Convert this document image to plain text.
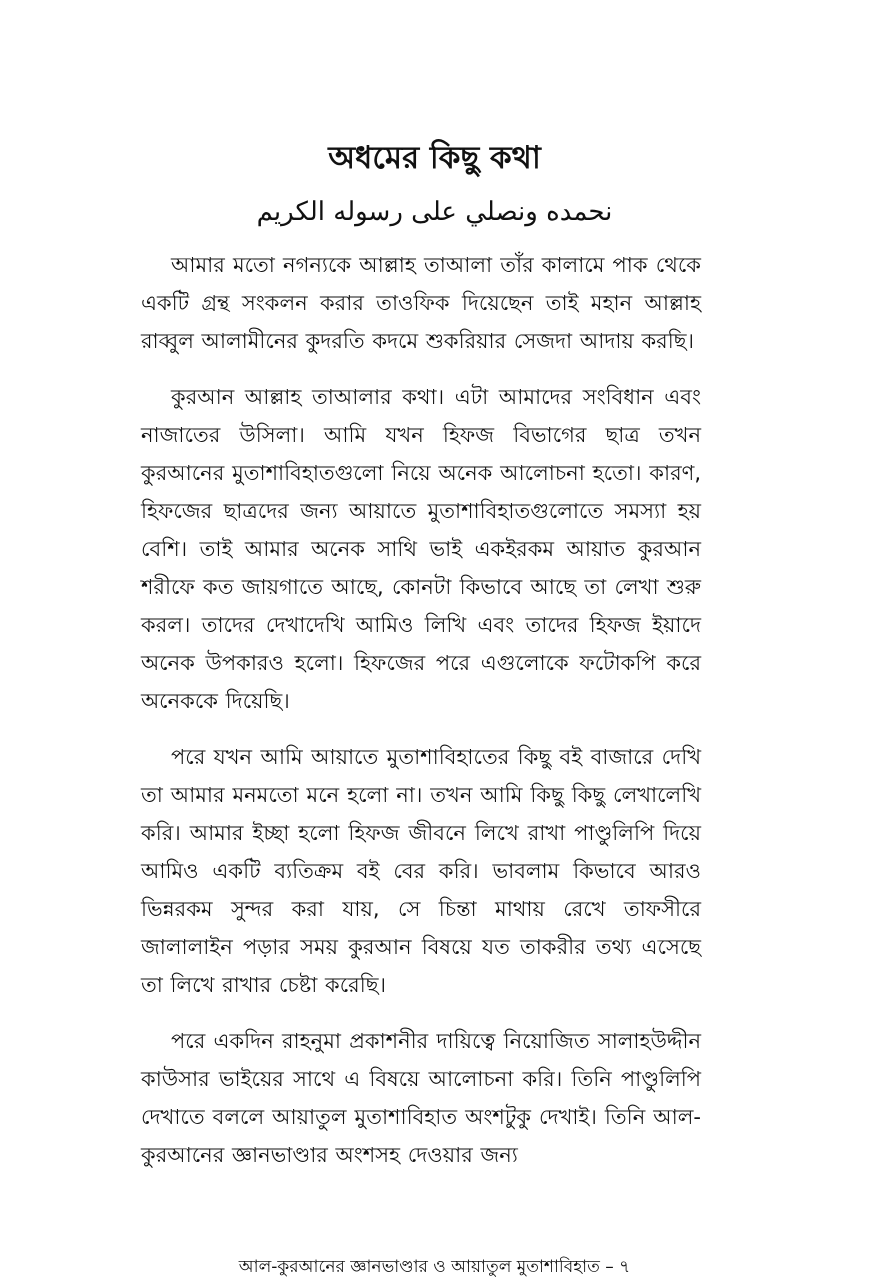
অধমের কিছু কথা
نحمده ونصلي على رسوله الكريم

আমার মতো নগন্যকে আল্লাহ তাআলা তাঁর কালামে পাক থেকে একটি গ্রন্থ সংকলন করার তাওফিক দিয়েছেন তাই মহান আল্লাহ রাব্বুল আলামীনের কুদরতি কদমে শুকরিয়ার সেজদা আদায় করছি।

কুরআন আল্লাহ তাআলার কথা। এটা আমাদের সংবিধান এবং নাজাতের উসিলা। আমি যখন হিফজ বিভাগের ছাত্র তখন কুরআনের মুতাশাবিহাতগুলো নিয়ে অনেক আলোচনা হতো। কারণ, হিফজের ছাত্রদের জন্য আয়াতে মুতাশাবিহাতগুলোতে সমস্যা হয় বেশি। তাই আমার অনেক সাথি ভাই একইরকম আয়াত কুরআন শরীফে কত জায়গাতে আছে, কোনটা কিভাবে আছে তা লেখা শুরু করল। তাদের দেখাদেখি আমিও লিখি এবং তাদের হিফজ ইয়াদে অনেক উপকারও হলো। হিফজের পরে এগুলোকে ফটোকপি করে অনেককে দিয়েছি।

পরে যখন আমি আয়াতে মুতাশাবিহাতের কিছু বই বাজারে দেখি তা আমার মনমতো মনে হলো না। তখন আমি কিছু কিছু লেখালেখি করি। আমার ইচ্ছা হলো হিফজ জীবনে লিখে রাখা পাণ্ডুলিপি দিয়ে আমিও একটি ব্যতিক্রম বই বের করি। ভাবলাম কিভাবে আরও ভিন্নরকম সুন্দর করা যায়, সে চিন্তা মাথায় রেখে তাফসীরে জালালাইন পড়ার সময় কুরআন বিষয়ে যত তাকরীর তথ্য এসেছে তা লিখে রাখার চেষ্টা করেছি।

পরে একদিন রাহনুমা প্রকাশনীর দায়িত্বে নিয়োজিত সালাহউদ্দীন কাউসার ভাইয়ের সাথে এ বিষয়ে আলোচনা করি। তিনি পাণ্ডুলিপি দেখাতে বললে আয়াতুল মুতাশাবিহাত অংশটুকু দেখাই। তিনি আল-কুরআনের জ্ঞানভাণ্ডার অংশসহ দেওয়ার জন্য

আল-কুরআনের জ্ঞানভাণ্ডার ও আয়াতুল মুতাশাবিহাত – ৭
